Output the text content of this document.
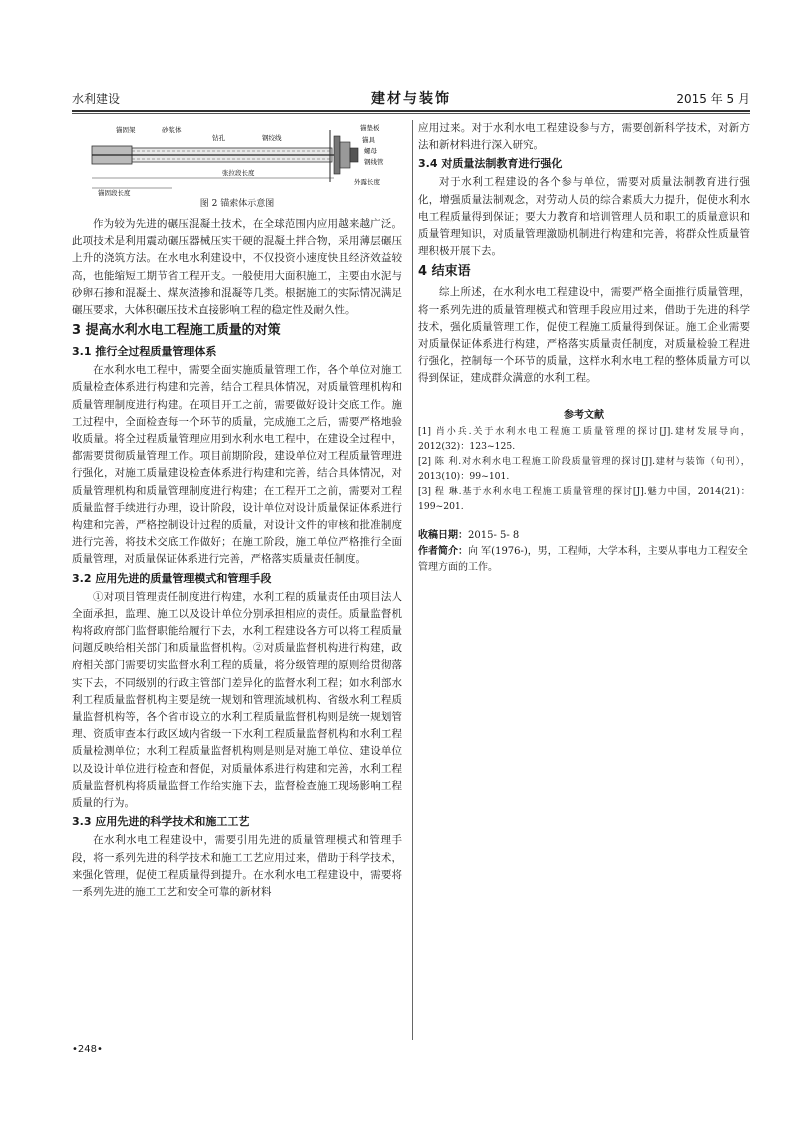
水利建设	建材与装饰	2015 年 5 月
锚固架	砂浆体
钻孔	钢绞线
锚垫板
锚具
螺母
钢线管
外露长度
张拉段长度
锚固段长度
图 2 锚索体示意图

作为较为先进的碾压混凝土技术，在全球范围内应用越来越广泛。此项技术是利用震动碾压器械压实干硬的混凝土拌合物，采用薄层碾压上升的浇筑方法。在水电水利建设中，不仅投资小速度快且经济效益较高，也能缩短工期节省工程开支。一般使用大面积施工，主要由水泥与砂卵石掺和混凝土、煤灰渣掺和混凝等几类。根据施工的实际情况满足碾压要求，大体积碾压技术直接影响工程的稳定性及耐久性。

3 提高水利水电工程施工质量的对策
3.1 推行全过程质量管理体系

在水利水电工程中，需要全面实施质量管理工作，各个单位对施工质量检查体系进行构建和完善，结合工程具体情况，对质量管理机构和质量管理制度进行构建。在项目开工之前，需要做好设计交底工作。施工过程中，全面检查每一个环节的质量，完成施工之后，需要严格地验收质量。将全过程质量管理应用到水利水电工程中，在建设全过程中，都需要贯彻质量管理工作。项目前期阶段，建设单位对工程质量管理进行强化，对施工质量建设检查体系进行构建和完善，结合具体情况，对质量管理机构和质量管理制度进行构建；在工程开工之前，需要对工程质量监督手续进行办理，设计阶段，设计单位对设计质量保证体系进行构建和完善，严格控制设计过程的质量，对设计文件的审核和批准制度进行完善，将技术交底工作做好；在施工阶段，施工单位严格推行全面质量管理，对质量保证体系进行完善，严格落实质量责任制度。

3.2 应用先进的质量管理模式和管理手段

①对项目管理责任制度进行构建，水利工程的质量责任由项目法人全面承担，监理、施工以及设计单位分别承担相应的责任。质量监督机构将政府部门监督职能给履行下去，水利工程建设各方可以将工程质量问题反映给相关部门和质量监督机构。②对质量监督机构进行构建，政府相关部门需要切实监督水利工程的质量，将分级管理的原则给贯彻落实下去，不同级别的行政主管部门差异化的监督水利工程；如水利部水利工程质量监督机构主要是统一规划和管理流域机构、省级水利工程质量监督机构等，各个省市设立的水利工程质量监督机构则是统一规划管理、资质审查本行政区域内省级一下水利工程质量监督机构和水利工程质量检测单位；水利工程质量监督机构则是则是对施工单位、建设单位以及设计单位进行检查和督促，对质量体系进行构建和完善，水利工程质量监督机构将质量监督工作给实施下去，监督检查施工现场影响工程质量的行为。

3.3 应用先进的科学技术和施工工艺

在水利水电工程建设中，需要引用先进的质量管理模式和管理手段，将一系列先进的科学技术和施工工艺应用过来，借助于科学技术，来强化管理，促使工程质量得到提升。在水利水电工程建设中，需要将一系列先进的施工工艺和安全可靠的新材料

应用过来。对于水利水电工程建设参与方，需要创新科学技术，对新方法和新材料进行深入研究。

3.4 对质量法制教育进行强化

对于水利工程建设的各个参与单位，需要对质量法制教育进行强化，增强质量法制观念，对劳动人员的综合素质大力提升，促使水利水电工程质量得到保证；要大力教育和培训管理人员和职工的质量意识和质量管理知识，对质量管理激励机制进行构建和完善，将群众性质量管理积极开展下去。

4 结束语

综上所述，在水利水电工程建设中，需要严格全面推行质量管理，将一系列先进的质量管理模式和管理手段应用过来，借助于先进的科学技术，强化质量管理工作，促使工程施工质量得到保证。施工企业需要对质量保证体系进行构建，严格落实质量责任制度，对质量检验工程进行强化，控制每一个环节的质量，这样水利水电工程的整体质量方可以得到保证，建成群众满意的水利工程。

参考文献

[1] 肖小兵.关于水利水电工程施工质量管理的探讨[J].建材发展导向，2012(32)：123~125.

[2] 陈 利.对水利水电工程施工阶段质量管理的探讨[J].建材与装饰（旬刊），2013(10)：99~101.

[3] 程 琳.基于水利水电工程施工质量管理的探讨[J].魅力中国，2014(21)：199~201.

收稿日期：2015- 5- 8

作者简介：向 军(1976-)，男，工程师，大学本科，主要从事电力工程安全管理方面的工作。

•248•
